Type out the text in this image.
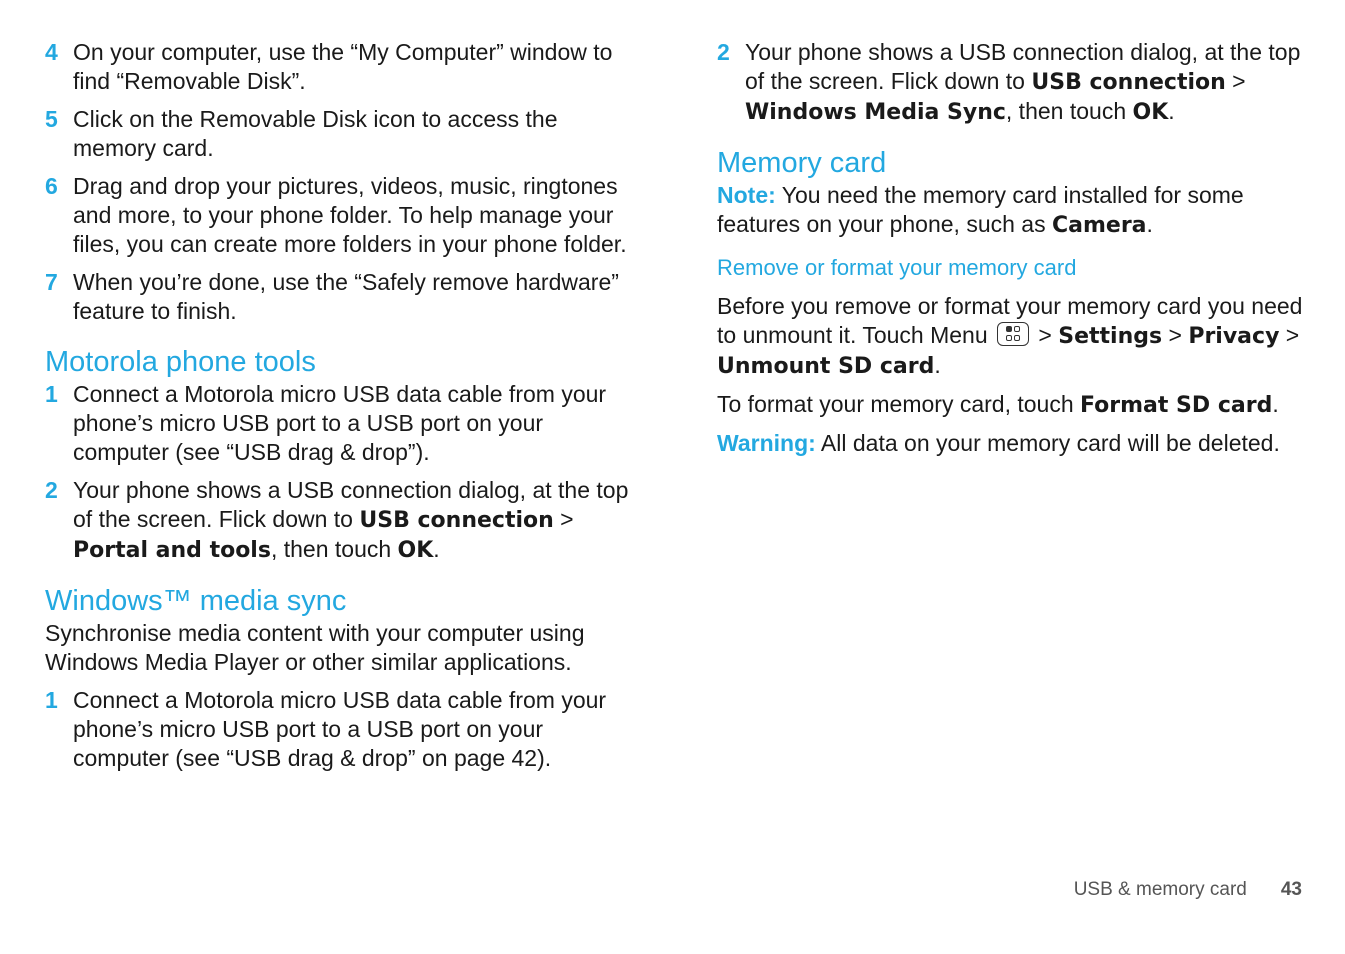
4 On your computer, use the “My Computer” window to find “Removable Disk”.
5 Click on the Removable Disk icon to access the memory card.
6 Drag and drop your pictures, videos, music, ringtones and more, to your phone folder. To help manage your files, you can create more folders in your phone folder.
7 When you’re done, use the “Safely remove hardware” feature to finish.
Motorola phone tools
1 Connect a Motorola micro USB data cable from your phone’s micro USB port to a USB port on your computer (see “USB drag & drop”).
2 Your phone shows a USB connection dialog, at the top of the screen. Flick down to USB connection > Portal and tools, then touch OK.
Windows™ media sync

Synchronise media content with your computer using Windows Media Player or other similar applications.

1 Connect a Motorola micro USB data cable from your phone’s micro USB port to a USB port on your computer (see “USB drag & drop” on page 42).
2 Your phone shows a USB connection dialog, at the top of the screen. Flick down to USB connection > Windows Media Sync, then touch OK.
Memory card

Note: You need the memory card installed for some features on your phone, such as Camera.

Remove or format your memory card

Before you remove or format your memory card you need to unmount it. Touch Menu
> Settings > Privacy > Unmount SD card.

To format your memory card, touch Format SD card.

Warning: All data on your memory card will be deleted.

USB & memory card 43
